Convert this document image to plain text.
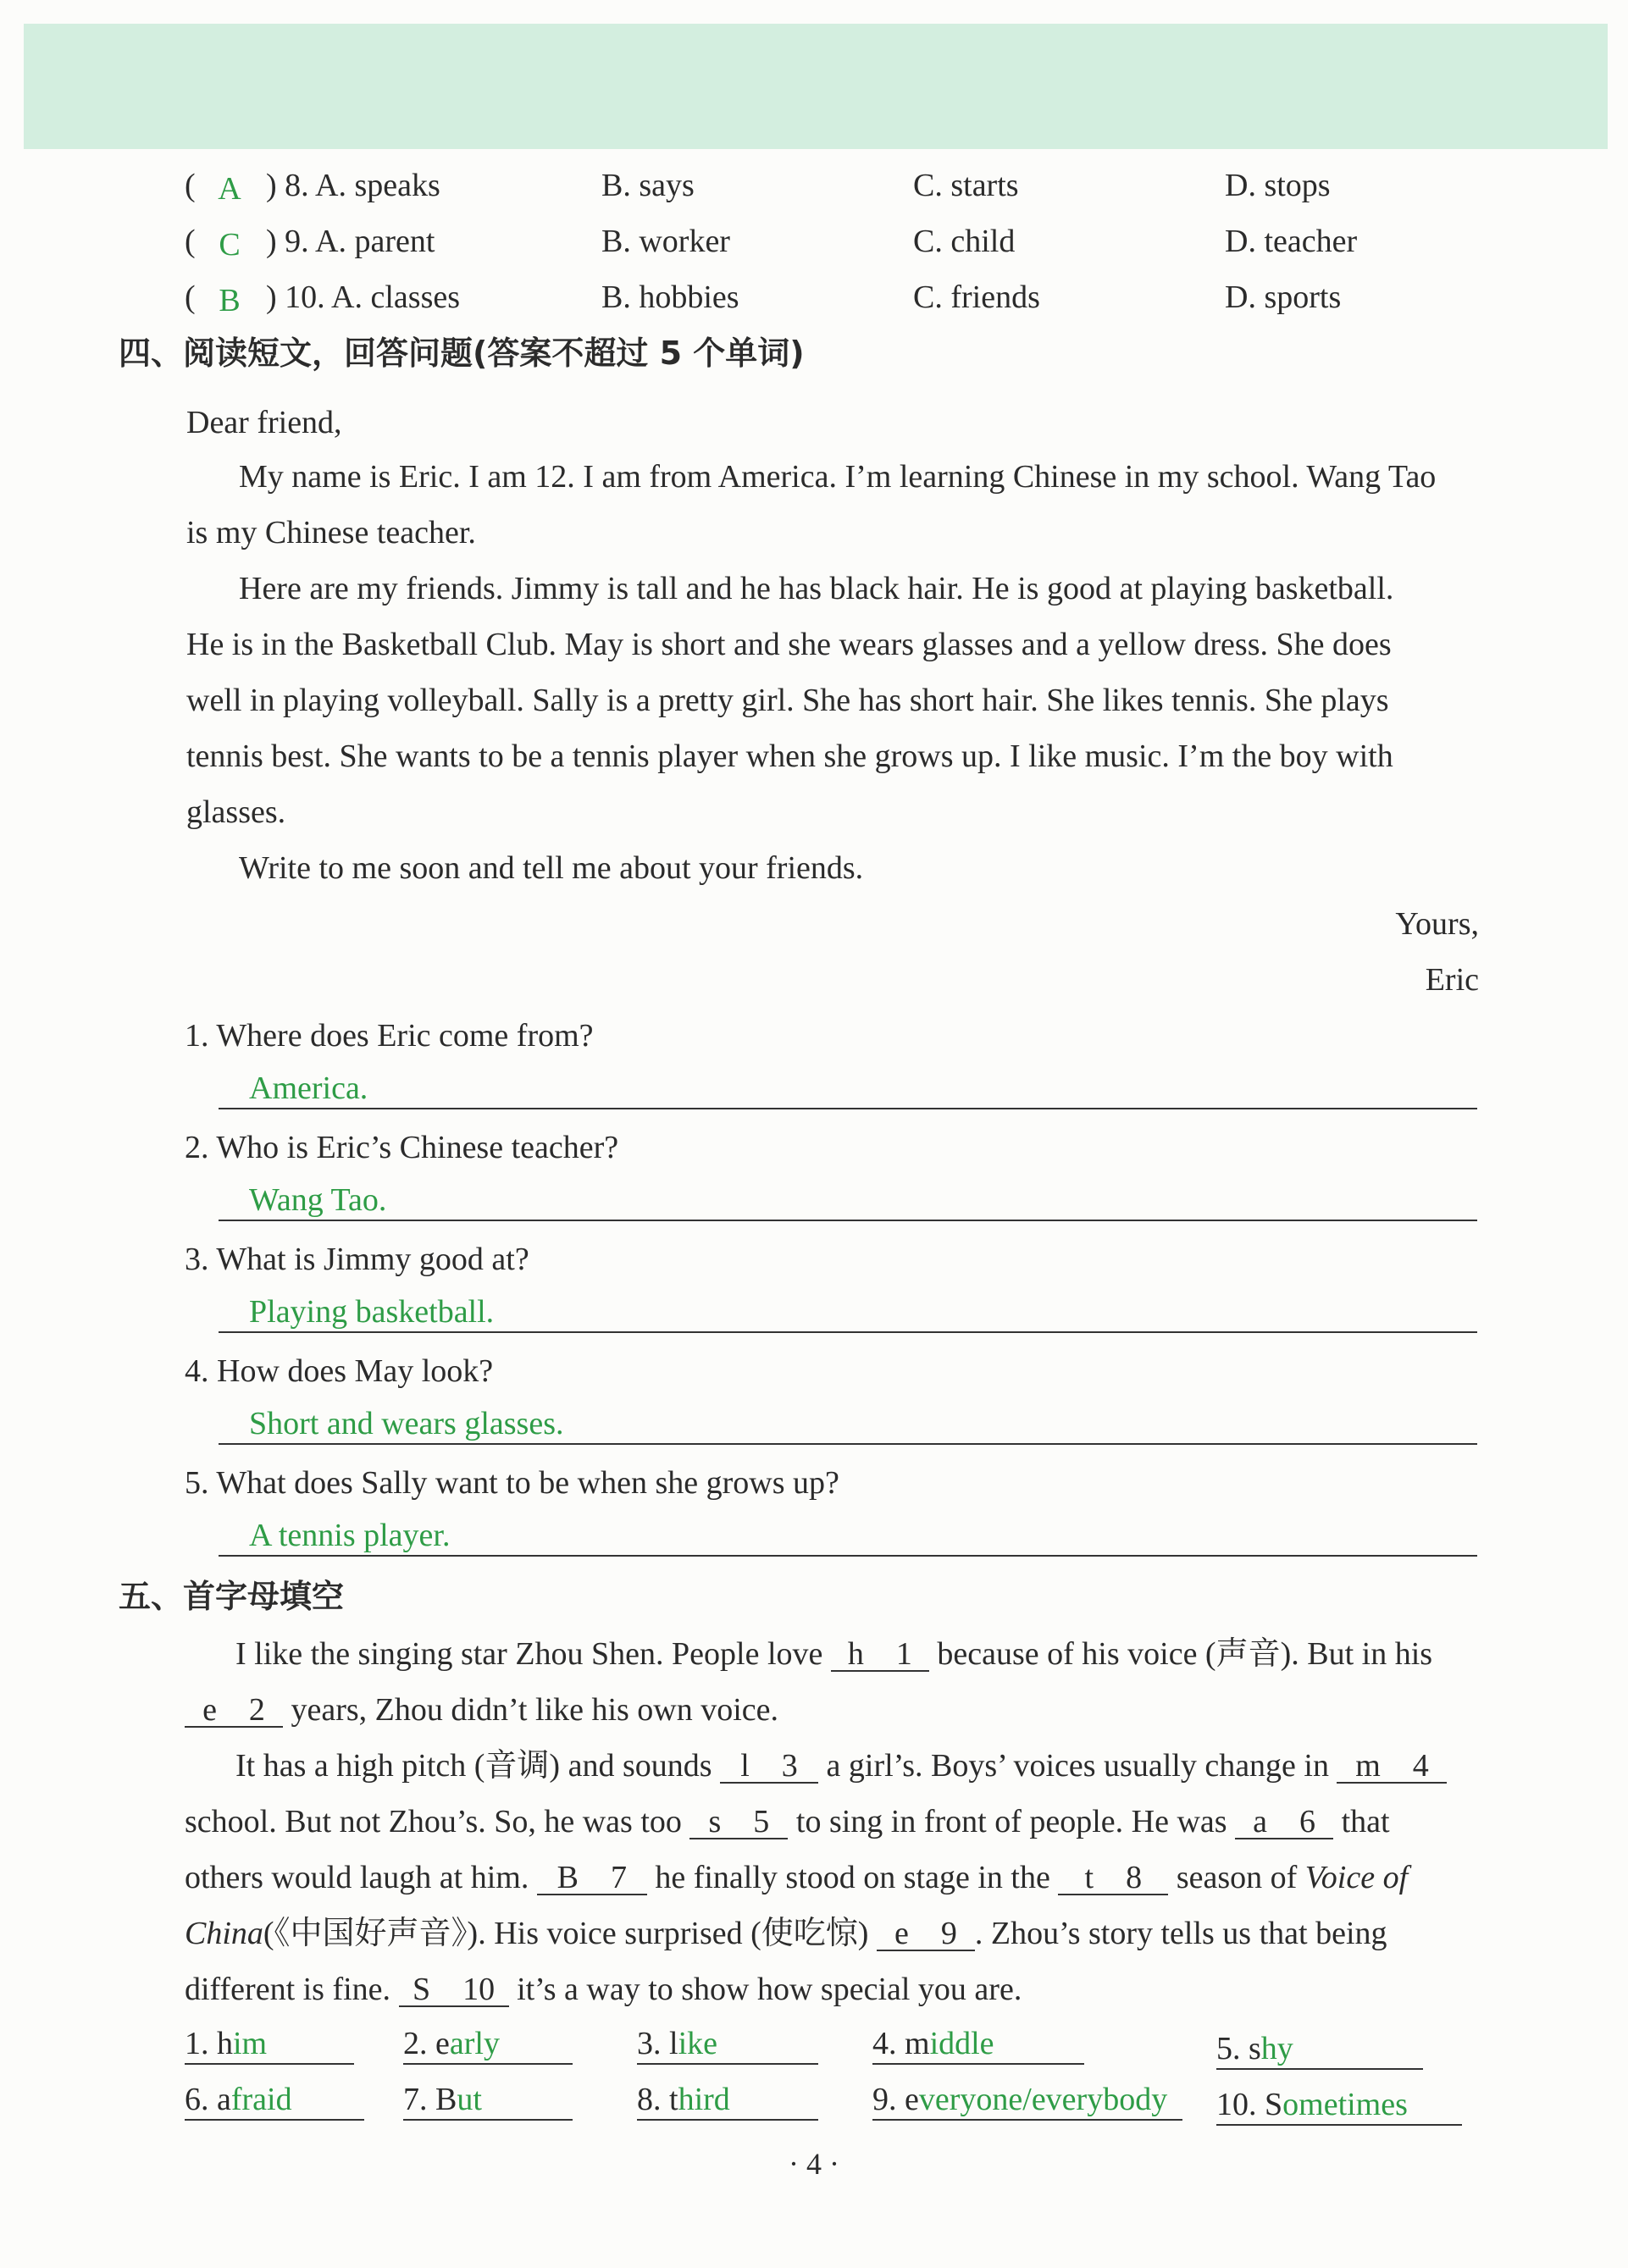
( A ) 8. A. speaks	B. says	C. starts	D. stops
( C ) 9. A. parent	B. worker	C. child	D. teacher
( B ) 10. A. classes	B. hobbies	C. friends	D. sports
四、阅读短文，回答问题(答案不超过 5 个单词)
Dear friend,
My name is Eric. I am 12. I am from America. I’m learning Chinese in my school. Wang Tao
is my Chinese teacher.
Here are my friends. Jimmy is tall and he has black hair. He is good at playing basketball.
He is in the Basketball Club. May is short and she wears glasses and a yellow dress. She does
well in playing volleyball. Sally is a pretty girl. She has short hair. She likes tennis. She plays
tennis best. She wants to be a tennis player when she grows up. I like music. I’m the boy with
glasses.
Write to me soon and tell me about your friends.
Yours,
Eric
1. Where does Eric come from?
America.
2. Who is Eric’s Chinese teacher?
Wang Tao.
3. What is Jimmy good at?
Playing basketball.
4. How does May look?
Short and wears glasses.
5. What does Sally want to be when she grows up?
A tennis player.
五、首字母填空
I like the singing star Zhou Shen. People love h    1 because of his voice (声音). But in his
e    2 years, Zhou didn’t like his own voice.
It has a high pitch (音调) and sounds l    3 a girl’s. Boys’ voices usually change in m    4
school. But not Zhou’s. So, he was too s    5 to sing in front of people. He was a    6 that
others would laugh at him. B    7 he finally stood on stage in the t    8 season of Voice of
China(《中国好声音》). His voice surprised (使吃惊) e    9 . Zhou’s story tells us that being
different is fine. S    10 it’s a way to show how special you are.
1. him	2. early	3. like	4. middle	5. shy
6. afraid	7. But	8. third	9. everyone/everybody	10. Sometimes
· 4 ·
